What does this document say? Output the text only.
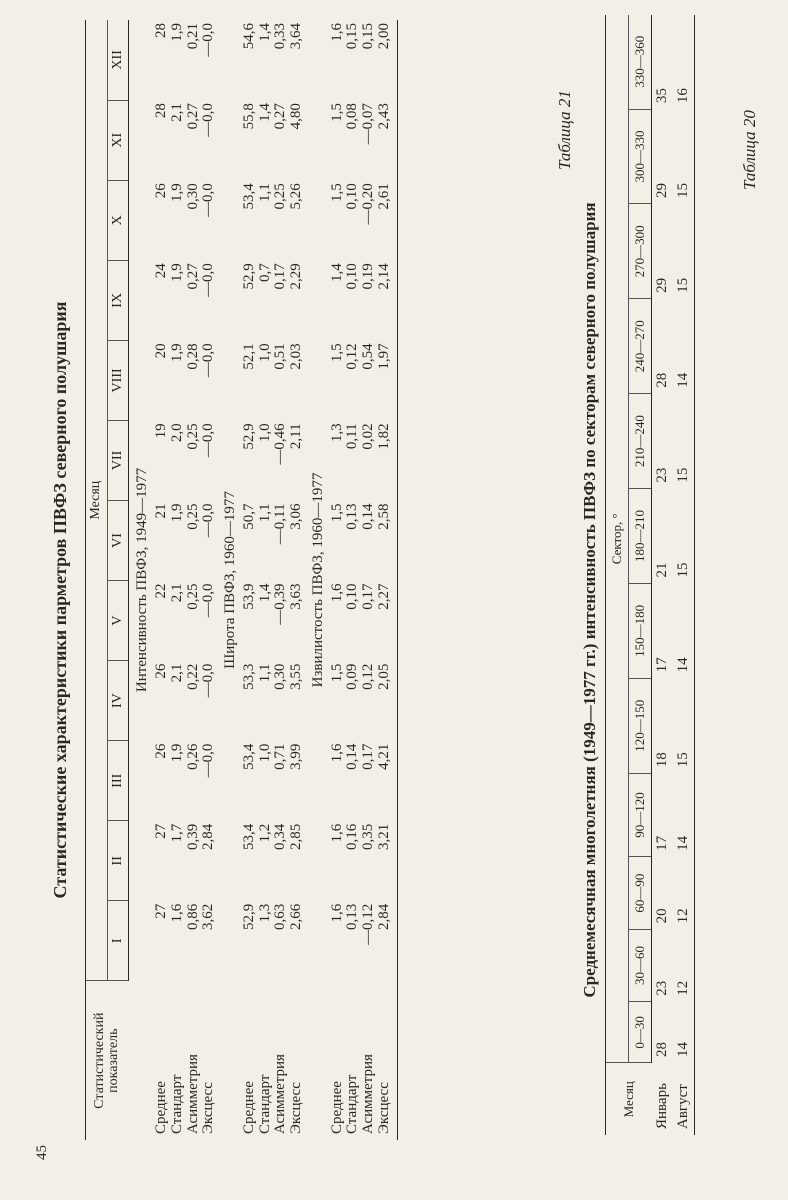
45
Таблица 20
Статистические характеристики парметров ПВФЗ северного полушария
Статистический показатель	Месяц											
	I	II	III	IV	V	VI	VII	VIII	IX	X	XI	XII
Интенсивность ПВФЗ, 1949—1977												
Среднее	27	27	26	26	22	21	19	20	24	26	28	28
Стандарт	1,6	1,7	1,9	2,1	2,1	1,9	2,0	1,9	1,9	1,9	2,1	1,9
Асимметрия	0,86	0,39	0,26	0,22	0,25	0,25	0,25	0,28	0,27	0,30	0,27	0,21
Эксцесс	3,62	2,84	—0,0	—0,0	—0,0	—0,0	—0,0	—0,0	—0,0	—0,0	—0,0	—0,0
Широта ПВФЗ, 1960—1977												
Среднее	52,9	53,4	53,4	53,3	53,9	50,7	52,9	52,1	52,9	53,4	55,8	54,6
Стандарт	1,3	1,2	1,0	1,1	1,4	1,1	1,0	1,0	0,7	1,1	1,4	1,4
Асимметрия	0,63	0,34	0,71	0,30	—0,39	—0,11	—0,46	0,51	0,17	0,25	0,27	0,33
Эксцесс	2,66	2,85	3,99	3,55	3,63	3,06	2,11	2,03	2,29	5,26	4,80	3,64
Извилистость ПВФЗ, 1960—1977												
Среднее	1,6	1,6	1,6	1,5	1,6	1,5	1,3	1,5	1,4	1,5	1,5	1,6
Стандарт	0,13	0,16	0,14	0,09	0,10	0,13	0,11	0,12	0,10	0,10	0,08	0,15
Асимметрия	—0,12	0,35	0,17	0,12	0,17	0,14	0,02	0,54	0,19	—0,20	—0,07	0,15
Эксцесс	2,84	3,21	4,21	2,05	2,27	2,58	1,82	1,97	2,14	2,61	2,43	2,00
Таблица 21
Среднемесячная многолетняя (1949—1977 гг.) интенсивность ПВФЗ по секторам северного полушария
Месяц	Сектор, °											
	0—30	30—60	60—90	90—120	120—150	150—180	180—210	210—240	240—270	270—300	300—330	330—360
Январь	28	23	20	17	18	17	21	23	28	29	29	35
Август	14	12	12	14	15	14	15	15	14	15	15	16
